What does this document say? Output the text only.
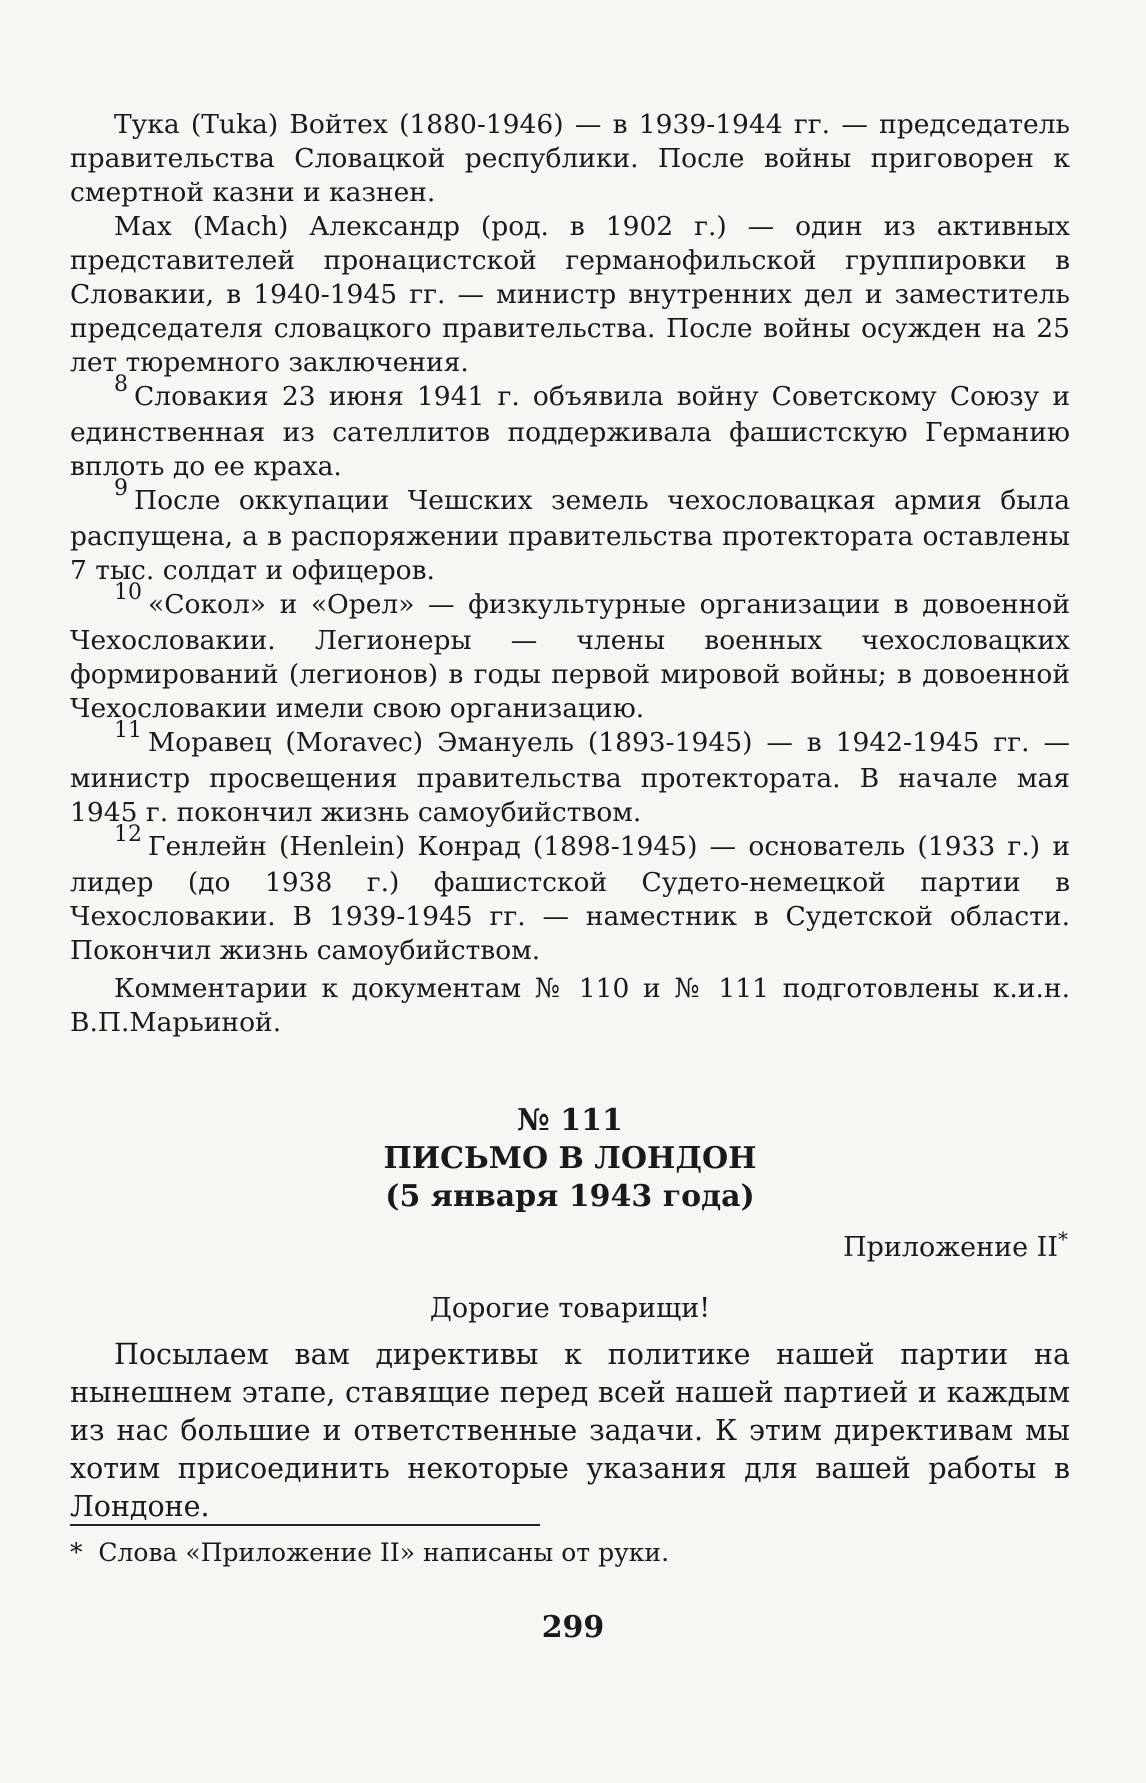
Тука (Tuka) Войтех (1880-1946) — в 1939-1944 гг. — председатель правительства Словацкой республики. После войны приговорен к смертной казни и казнен.

Мах (Mach) Александр (род. в 1902 г.) — один из активных представителей пронацистской германофильской группировки в Словакии, в 1940-1945 гг. — министр внутренних дел и заместитель председателя словацкого правительства. После войны осужден на 25 лет тюремного заключения.

$^8$ Словакия 23 июня 1941 г. объявила войну Советскому Союзу и единственная из сателлитов поддерживала фашистскую Германию вплоть до ее краха.

$^9$ После оккупации Чешских земель чехословацкая армия была распущена, а в распоряжении правительства протектората оставлены 7 тыс. солдат и офицеров.

$^{10}$ «Сокол» и «Орел» — физкультурные организации в довоенной Чехословакии. Легионеры — члены военных чехословацких формирований (легионов) в годы первой мировой войны; в довоенной Чехословакии имели свою организацию.

$^{11}$ Моравец (Moravec) Эмануель (1893-1945) — в 1942-1945 гг. — министр просвещения правительства протектората. В начале мая 1945 г. покончил жизнь самоубийством.

$^{12}$ Генлейн (Henlein) Конрад (1898-1945) — основатель (1933 г.) и лидер (до 1938 г.) фашистской Судето-немецкой партии в Чехословакии. В 1939-1945 гг. — наместник в Судетской области. Покончил жизнь самоубийством.

Комментарии к документам № 110 и № 111 подготовлены к.и.н. В.П.Марьиной.

№ 111
ПИСЬМО В ЛОНДОН
(5 января 1943 года)
Приложение II*
Дорогие товарищи!

Посылаем вам директивы к политике нашей партии на нынешнем этапе, ставящие перед всей нашей партией и каждым из нас большие и ответственные задачи. К этим директивам мы хотим присоединить некоторые указания для вашей работы в Лондоне.

* Слова «Приложение II» написаны от руки.
299
